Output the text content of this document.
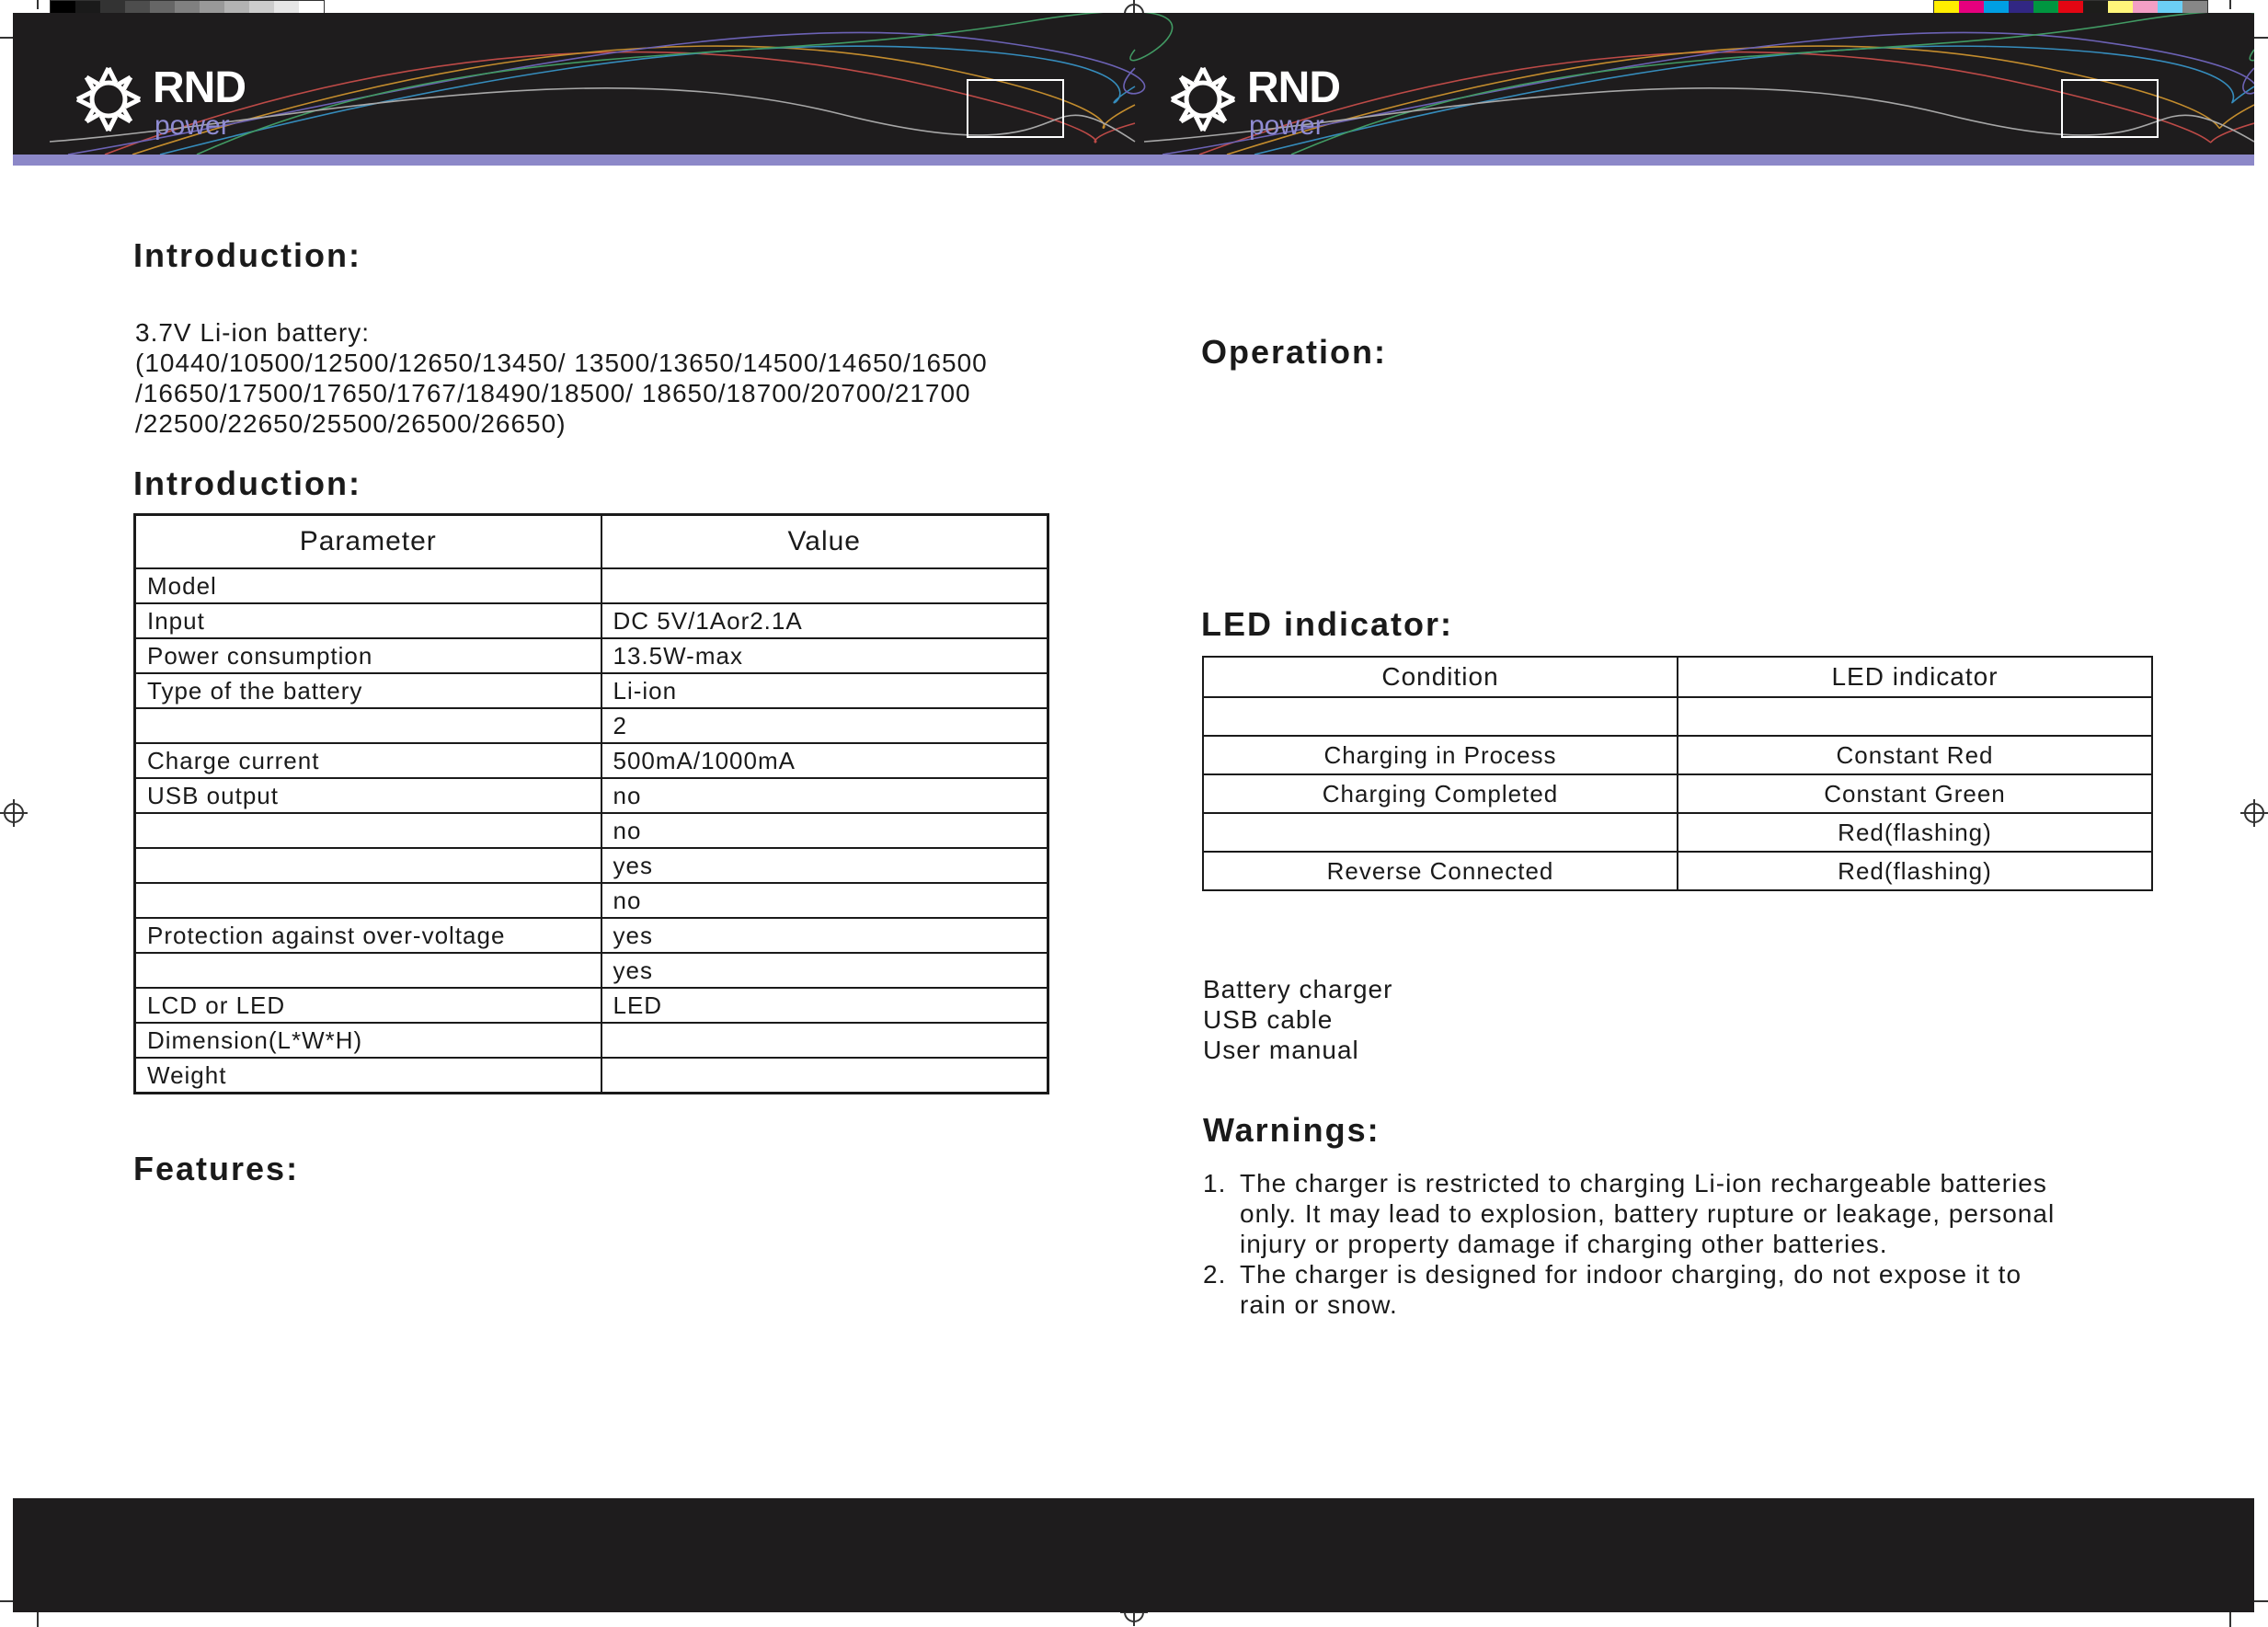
RND
power
RND
power
Introduction:
3.7V Li-ion battery:
(10440/10500/12500/12650/13450/ 13500/13650/14500/14650/16500
/16650/17500/17650/1767/18490/18500/ 18650/18700/20700/21700
/22500/22650/25500/26500/26650)
Introduction:
Parameter	Value
Model	
Input	DC 5V/1Aor2.1A
Power consumption	13.5W-max
Type of the battery	Li-ion
	2
Charge current	500mA/1000mA
USB output	no
	no
	yes
	no
Protection against over-voltage	yes
	yes
LCD or LED	LED
Dimension(L*W*H)	
Weight	
Features:
Operation:
LED indicator:
Condition	LED indicator

Charging in Process	Constant Red
Charging Completed	Constant Green
	Red(flashing)
Reverse Connected	Red(flashing)
Battery charger
USB cable
User manual
Warnings:
1. The charger is restricted to charging Li-ion rechargeable batteries
only. It may lead to explosion, battery rupture or leakage, personal
injury or property damage if charging other batteries.
2. The charger is designed for indoor charging, do not expose it to
rain or snow.
